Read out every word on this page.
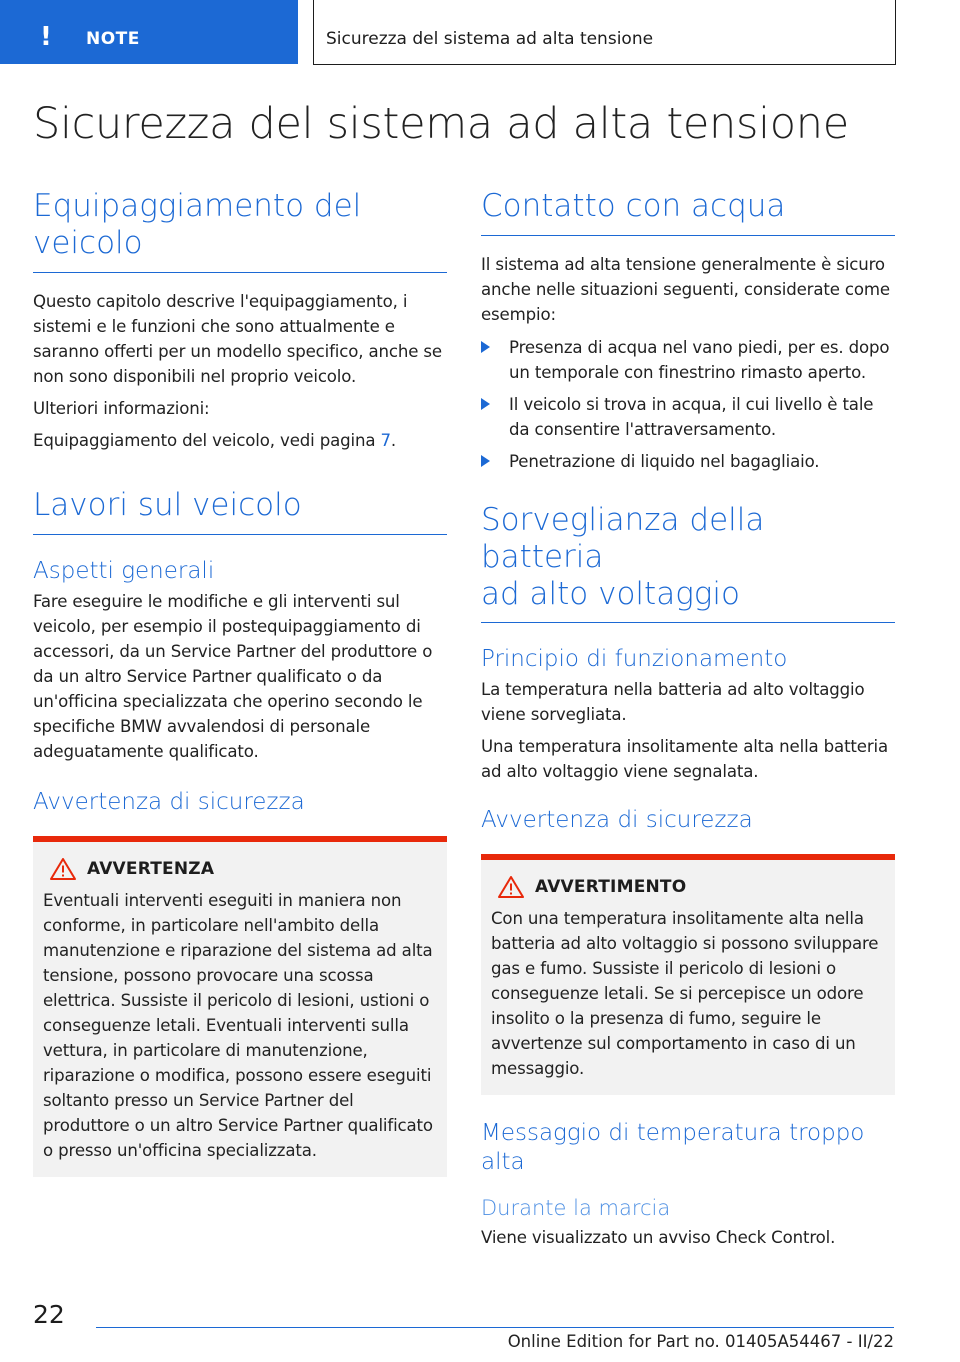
! NOTE	Sicurezza del sistema ad alta tensione
Sicurezza del sistema ad alta tensione
Equipaggiamento del
veicolo

Questo capitolo descrive l'equipaggiamento, i sistemi e le funzioni che sono attualmente e saranno offerti per un modello specifico, anche se non sono disponibili nel proprio veicolo.

Ulteriori informazioni:

Equipaggiamento del veicolo, vedi pagina 7.

Lavori sul veicolo
Aspetti generali

Fare eseguire le modifiche e gli interventi sul veicolo, per esempio il postequipaggiamento di accessori, da un Service Partner del produttore o da un altro Service Partner qualificato o da un'officina specializzata che operino secondo le specifiche BMW avvalendosi di personale adeguatamente qualificato.

Avvertenza di sicurezza
AVVERTENZA

Eventuali interventi eseguiti in maniera non conforme, in particolare nell'ambito della manutenzione e riparazione del sistema ad alta tensione, possono provocare una scossa elettrica. Sussiste il pericolo di lesioni, ustioni o conseguenze letali. Eventuali interventi sulla vettura, in particolare di manutenzione, riparazione o modifica, possono essere eseguiti soltanto presso un Service Partner del produttore o un altro Service Partner qualificato o presso un'officina specializzata.

Contatto con acqua

Il sistema ad alta tensione generalmente è sicuro anche nelle situazioni seguenti, considerate come esempio:

Presenza di acqua nel vano piedi, per es. dopo un temporale con finestrino rimasto aperto.
Il veicolo si trova in acqua, il cui livello è tale da consentire l'attraversamento.
Penetrazione di liquido nel bagagliaio.
Sorveglianza della batteria
ad alto voltaggio
Principio di funzionamento

La temperatura nella batteria ad alto voltaggio viene sorvegliata.

Una temperatura insolitamente alta nella batteria ad alto voltaggio viene segnalata.

Avvertenza di sicurezza
AVVERTIMENTO

Con una temperatura insolitamente alta nella batteria ad alto voltaggio si possono sviluppare gas e fumo. Sussiste il pericolo di lesioni o conseguenze letali. Se si percepisce un odore insolito o la presenza di fumo, seguire le avvertenze sul comportamento in caso di un messaggio.

Messaggio di temperatura troppo
alta
Durante la marcia

Viene visualizzato un avviso Check Control.

22
Online Edition for Part no. 01405A54467 - II/22
